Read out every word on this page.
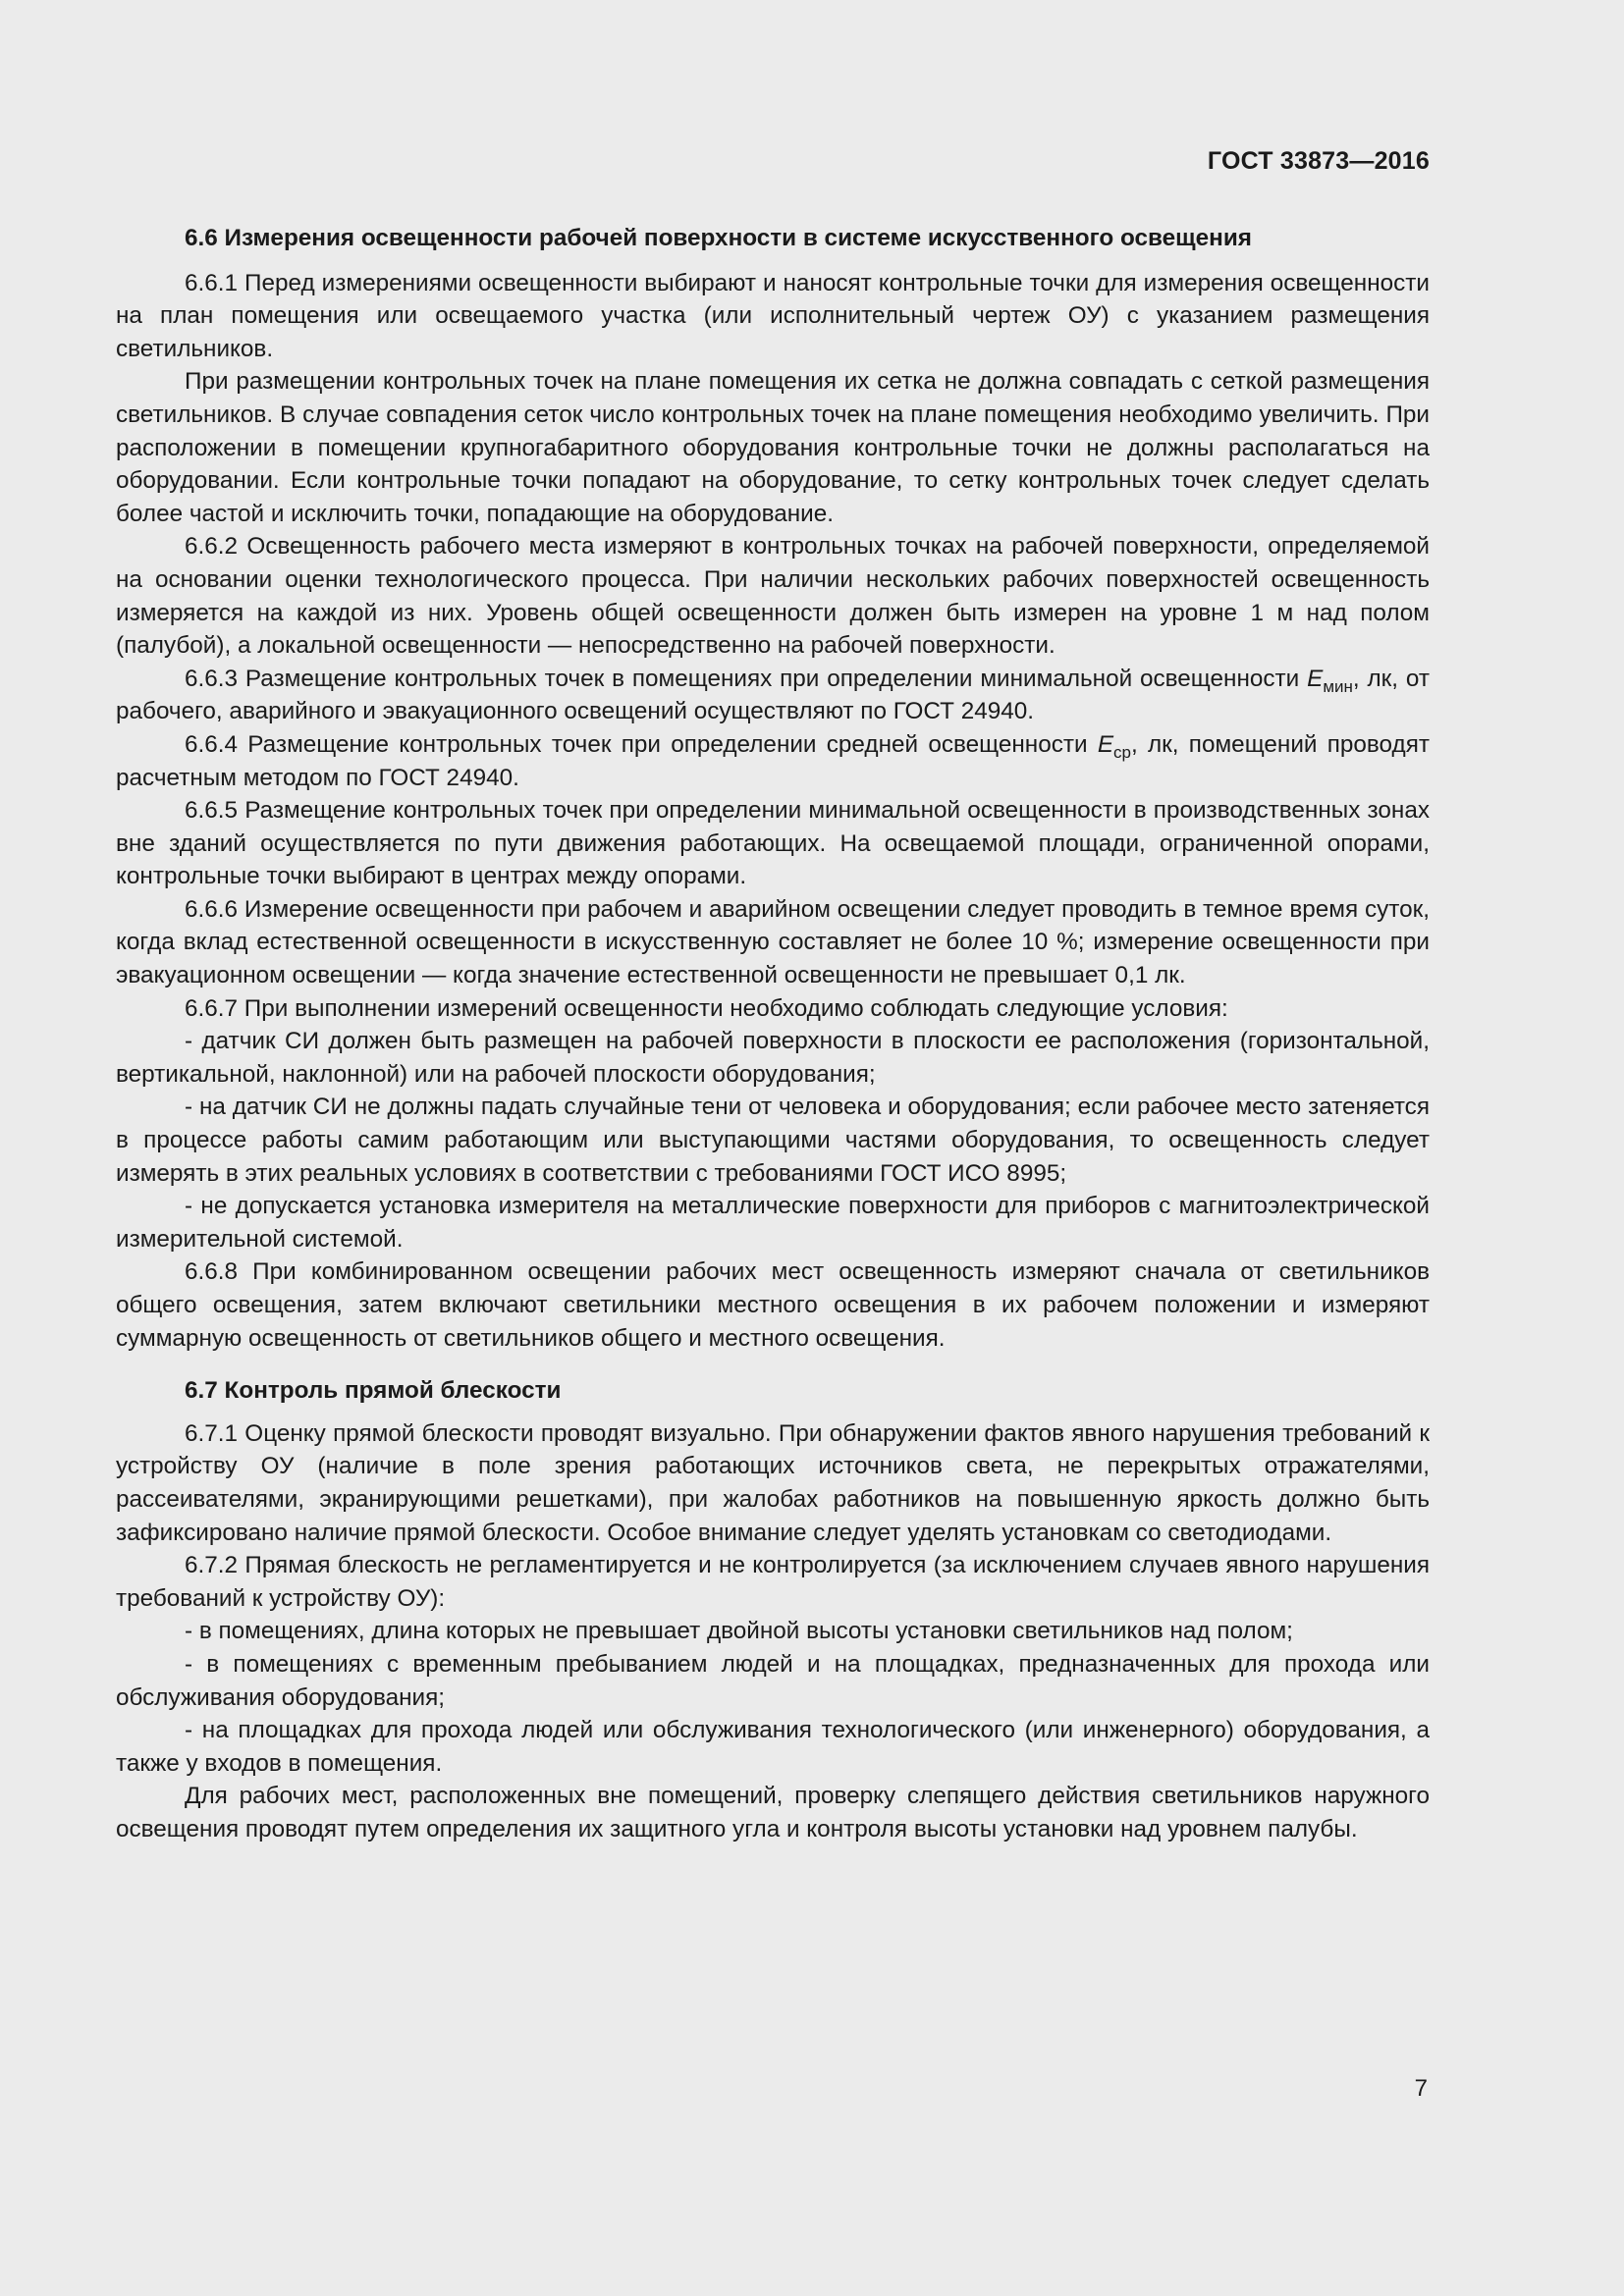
ГОСТ 33873—2016
6.6 Измерения освещенности рабочей поверхности в системе искусственного освещения

6.6.1 Перед измерениями освещенности выбирают и наносят контрольные точки для измерения освещенности на план помещения или освещаемого участка (или исполнительный чертеж ОУ) с указанием размещения светильников.

При размещении контрольных точек на плане помещения их сетка не должна совпадать с сеткой размещения светильников. В случае совпадения сеток число контрольных точек на плане помещения необходимо увеличить. При расположении в помещении крупногабаритного оборудования контрольные точки не должны располагаться на оборудовании. Если контрольные точки попадают на оборудование, то сетку контрольных точек следует сделать более частой и исключить точки, попадающие на оборудование.

6.6.2 Освещенность рабочего места измеряют в контрольных точках на рабочей поверхности, определяемой на основании оценки технологического процесса. При наличии нескольких рабочих поверхностей освещенность измеряется на каждой из них. Уровень общей освещенности должен быть измерен на уровне 1 м над полом (палубой), а локальной освещенности — непосредственно на рабочей поверхности.

6.6.3 Размещение контрольных точек в помещениях при определении минимальной освещенности $E_{мин}$, лк, от рабочего, аварийного и эвакуационного освещений осуществляют по ГОСТ 24940.

6.6.4 Размещение контрольных точек при определении средней освещенности $E_{ср}$, лк, помещений проводят расчетным методом по ГОСТ 24940.

6.6.5 Размещение контрольных точек при определении минимальной освещенности в производственных зонах вне зданий осуществляется по пути движения работающих. На освещаемой площади, ограниченной опорами, контрольные точки выбирают в центрах между опорами.

6.6.6 Измерение освещенности при рабочем и аварийном освещении следует проводить в темное время суток, когда вклад естественной освещенности в искусственную составляет не более 10 %; измерение освещенности при эвакуационном освещении — когда значение естественной освещенности не превышает 0,1 лк.

6.6.7 При выполнении измерений освещенности необходимо соблюдать следующие условия:

- датчик СИ должен быть размещен на рабочей поверхности в плоскости ее расположения (горизонтальной, вертикальной, наклонной) или на рабочей плоскости оборудования;

- на датчик СИ не должны падать случайные тени от человека и оборудования; если рабочее место затеняется в процессе работы самим работающим или выступающими частями оборудования, то освещенность следует измерять в этих реальных условиях в соответствии с требованиями ГОСТ ИСО 8995;

- не допускается установка измерителя на металлические поверхности для приборов с магнитоэлектрической измерительной системой.

6.6.8 При комбинированном освещении рабочих мест освещенность измеряют сначала от светильников общего освещения, затем включают светильники местного освещения в их рабочем положении и измеряют суммарную освещенность от светильников общего и местного освещения.

6.7 Контроль прямой блескости

6.7.1 Оценку прямой блескости проводят визуально. При обнаружении фактов явного нарушения требований к устройству ОУ (наличие в поле зрения работающих источников света, не перекрытых отражателями, рассеивателями, экранирующими решетками), при жалобах работников на повышенную яркость должно быть зафиксировано наличие прямой блескости. Особое внимание следует уделять установкам со светодиодами.

6.7.2 Прямая блескость не регламентируется и не контролируется (за исключением случаев явного нарушения требований к устройству ОУ):

- в помещениях, длина которых не превышает двойной высоты установки светильников над полом;

- в помещениях с временным пребыванием людей и на площадках, предназначенных для прохода или обслуживания оборудования;

- на площадках для прохода людей или обслуживания технологического (или инженерного) оборудования, а также у входов в помещения.

Для рабочих мест, расположенных вне помещений, проверку слепящего действия светильников наружного освещения проводят путем определения их защитного угла и контроля высоты установки над уровнем палубы.

7
